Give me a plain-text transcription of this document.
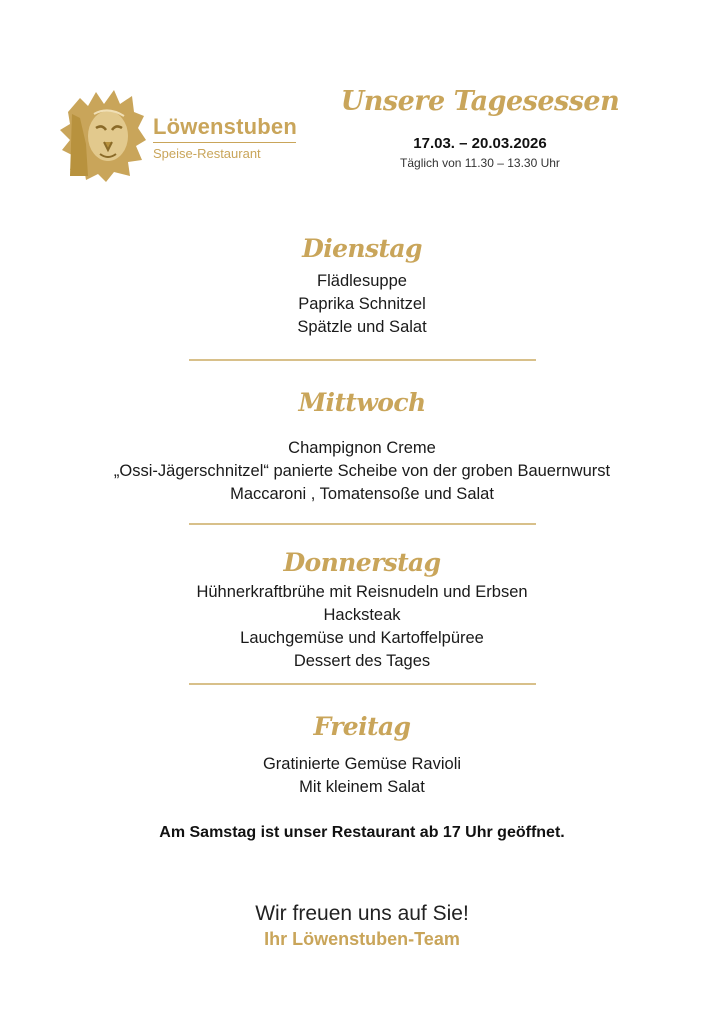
Löwenstuben
Speise-Restaurant
Unsere Tagesessen
17.03. – 20.03.2026
Täglich von 11.30 – 13.30 Uhr
Dienstag
Flädlesuppe
Paprika Schnitzel
Spätzle und Salat
Mittwoch
Champignon Creme
„Ossi-Jägerschnitzel“ panierte Scheibe von der groben Bauernwurst
Maccaroni , Tomatensoße und Salat
Donnerstag
Hühnerkraftbrühe mit Reisnudeln und Erbsen
Hacksteak
Lauchgemüse und Kartoffelpüree
Dessert des Tages
Freitag
Gratinierte Gemüse Ravioli
Mit kleinem Salat
Am Samstag ist unser Restaurant ab 17 Uhr geöffnet.
Wir freuen uns auf Sie!
Ihr Löwenstuben-Team
